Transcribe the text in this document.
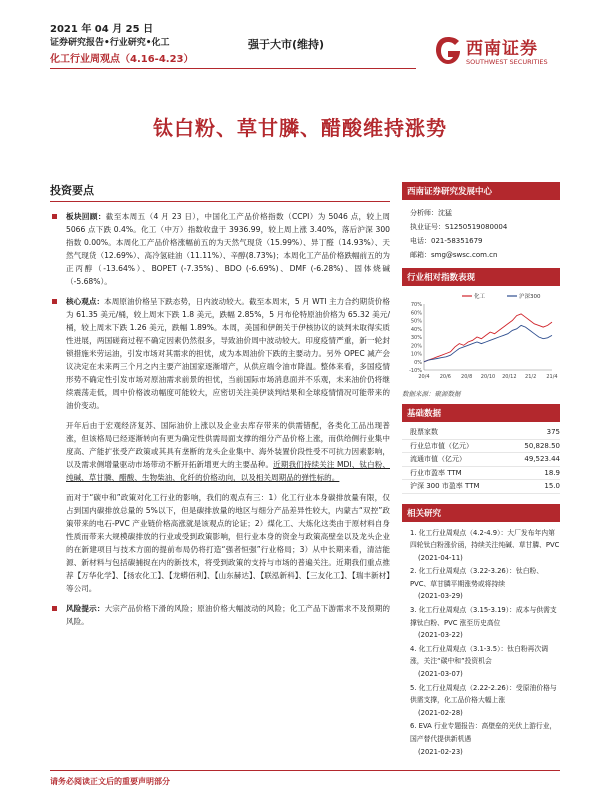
2021 年 04 月 25 日
证券研究报告•行业研究•化工
化工行业周观点（4.16-4.23）
强于大市(维持)	西南证券
SOUTHWEST SECURITIES
钛白粉、草甘膦、醋酸维持涨势
投资要点
板块回顾：截至本周五（4 月 23 日），中国化工产品价格指数（CCPI）为 5046 点，较上周 5066 点下跌 0.4%。化工（中万）指数收盘于 3936.99，较上周上涨 3.40%，落后沪深 300 指数 0.00%。本周化工产品价格涨幅前五的为天然气现货（15.99%）、异丁醛（14.93%）、天然气现货（12.69%）、高冷氢硅油（11.11%）、辛醇(8.73%)；本周化工产品价格跌幅前五的为正丙醇（-13.64%）、BOPET (-7.35%)、BDO (-6.69%)、DMF (-6.28%)、固体烧碱（-5.68%）。
核心观点：本周原油价格呈下跌态势，日内波动较大。截至本周末，5 月 WTI 主力合约期货价格为 61.35 美元/桶，较上周末下跌 1.8 美元，跌幅 2.85%，5 月布伦特原油价格为 65.32 美元/桶，较上周末下跌 1.26 美元，跌幅 1.89%。本周，美国和伊朗关于伊核协议的谈判未取得实质性进展，两国磋商过程不确定因素仍然很多，导致油价周中波动较大。印度疫情严重，新一轮封锁措施米劳运油，引发市场对其需求的担忧，成为本周油价下跌的主要动力。另外 OPEC 减产会议决定在未来两三个月之内主要产油国家逐渐增产，从供应端令油市降温。整体来看，多国疫情形势不确定性引发市场对原油需求前景的担忧，当前国际市场消息面并不乐观，未来油价仍将继续震荡走低，周中价格波动幅度可能较大，应密切关注美伊谈判结果和全球疫情情况可能带来的油价变动。
开年后由于宏观经济复苏、国际油价上涨以及企业去库存带来的供需错配，各类化工品出现普涨，但该格局已经逐渐转向有更为确定性供需局面支撑的细分产品价格上涨，而供给侧行业集中度高、产能扩张受产政策或其具有垄断的龙头企业集中、海外装置价段性受不可抗力因素影响，以及需求侧增量驱动市场带动不断开拓新增更大的主要品种。近期我们持续关注 MDI、钛白粉、纯碱、草甘膦、醋酸、生物柴油、化纤的价格动向，以及相关周期品的弹性标的。
而对于“碳中和”政策对化工行业的影响，我们的观点有三：1）化工行业本身碳排放量有限，仅占到国内碳排放总量的 5%以下，但是碳排放量的地区与细分产品差异性较大，内蒙古“双控”政策带来的电石-PVC 产业链价格高涨就是该观点的论证；2）煤化工、大炼化这类由于原材料自身性质而带来大规模碳排放的行业或受到政策影响，但行业本身的资金与政策高壁垒以及龙头企业的在新建项目与技术方面的提前布局仍将打造“强者恒强”行业格局；3）从中长期来看，清洁能源、新材料与包括碳捕捉在内的新技术，将受到政策的支持与市场的普遍关注。近期我们重点推荐【万华化学】、【扬农化工】、【龙蟒佰利】、【山东赫达】、【联泓新科】、【三友化工】、【瑞丰新材】等公司。
风险提示：大宗产品价格下滑的风险；原油价格大幅波动的风险；化工产品下游需求不及预期的风险。
西南证券研究发展中心
分析师：沈猛
执业证号：S1250519080004
电话：021-58351679
邮箱：smg@swsc.com.cn
行业相对指数表现
-10%
0%
10%
20%
30%
40%
50%
60%
70%
20/4 20/6 20/8 20/10 20/12 21/2 21/4
化工	沪深300
数据来源：聚源数据
基础数据
股票家数	375
行业总市值（亿元）	50,828.50
流通市值（亿元）	49,523.44
行业市盈率 TTM	18.9
沪深 300 市盈率 TTM	15.0
相关研究
1. 化工行业周观点（4.2-4.9）：大厂发布年内第四轮钛白粉涨价函，持续关注纯碱、草甘膦、PVC
(2021-04-11)
2. 化工行业周观点（3.22-3.26）：钛白粉、PVC、草甘膦平期涨势或将持续
(2021-03-29)
3. 化工行业周观点（3.15-3.19）：成本与供需支撑钛白粉、PVC 涨至历史高位
(2021-03-22)
4. 化工行业周观点（3.1-3.5）：钛白粉再次调涨，关注“碳中和”投资机会
(2021-03-07)
5. 化工行业周观点（2.22-2.26）：受原油价格与供需支撑，化工品价格大幅上涨
(2021-02-28)
6. EVA 行业专题报告：高壁垒的光伏上游行业，国产替代提供新机遇
(2021-02-23)
请务必阅读正文后的重要声明部分
